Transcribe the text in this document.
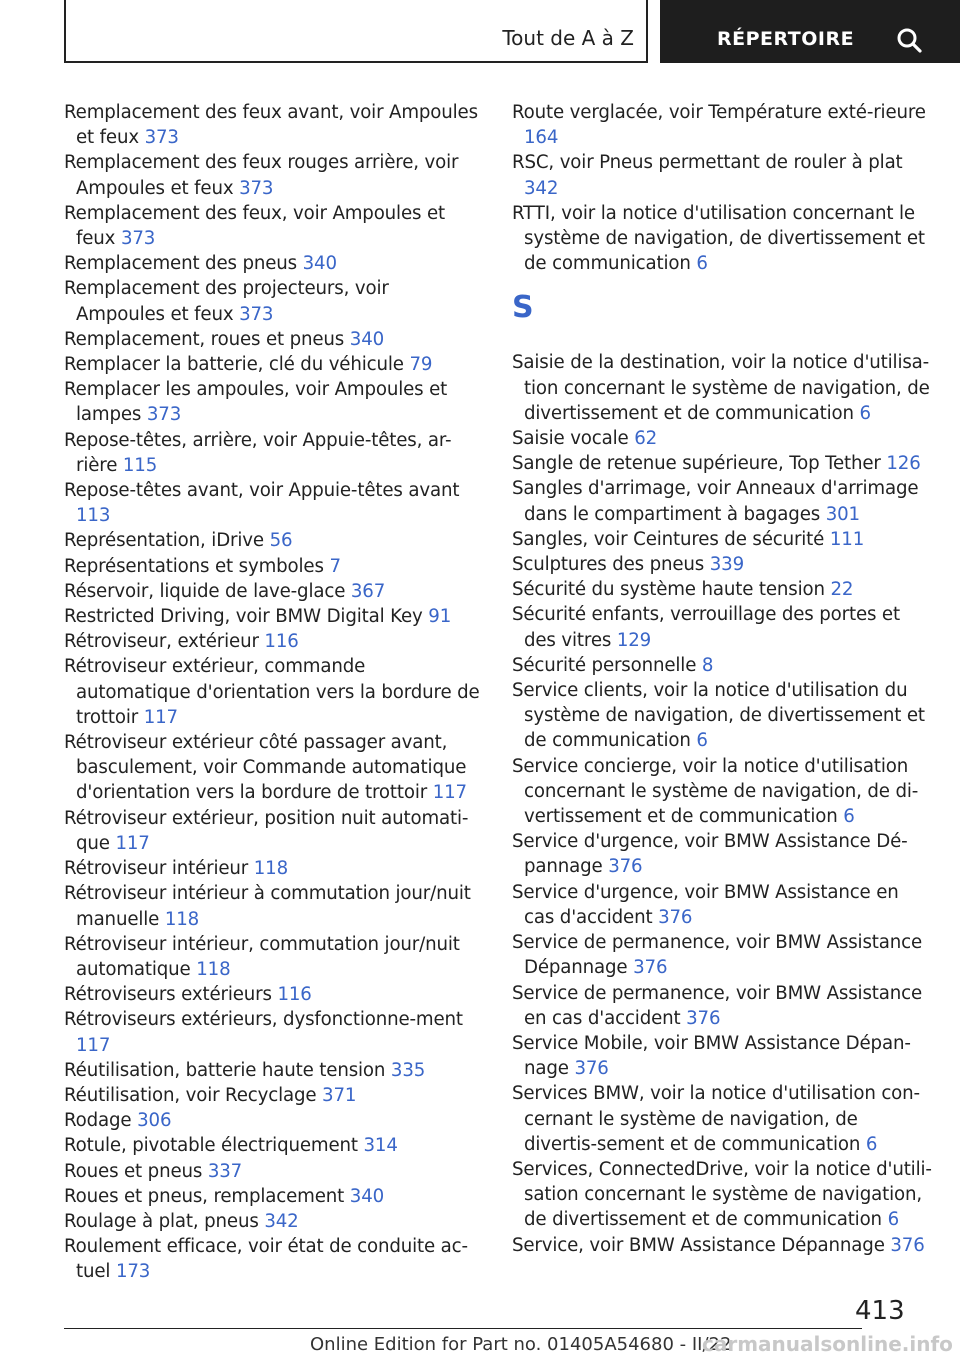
Tout de A à Z	RÉPERTOIRE

Remplacement des feux avant, voir Ampoules et feux 373

Remplacement des feux rouges arrière, voir Ampoules et feux 373

Remplacement des feux, voir Ampoules et feux 373

Remplacement des pneus 340

Remplacement des projecteurs, voir Ampoules et feux 373

Remplacement, roues et pneus 340

Remplacer la batterie, clé du véhicule 79

Remplacer les ampoules, voir Ampoules et lampes 373

Repose-têtes, arrière, voir Appuie-têtes, ar-rière 115

Repose-têtes avant, voir Appuie-têtes avant 113

Représentation, iDrive 56

Représentations et symboles 7

Réservoir, liquide de lave-glace 367

Restricted Driving, voir BMW Digital Key 91

Rétroviseur, extérieur 116

Rétroviseur extérieur, commande automatique d'orientation vers la bordure de trottoir 117

Rétroviseur extérieur côté passager avant, basculement, voir Commande automatique d'orientation vers la bordure de trottoir 117

Rétroviseur extérieur, position nuit automati-que 117

Rétroviseur intérieur 118

Rétroviseur intérieur à commutation jour/nuit manuelle 118

Rétroviseur intérieur, commutation jour/nuit automatique 118

Rétroviseurs extérieurs 116

Rétroviseurs extérieurs, dysfonctionne-ment 117

Réutilisation, batterie haute tension 335

Réutilisation, voir Recyclage 371

Rodage 306

Rotule, pivotable électriquement 314

Roues et pneus 337

Roues et pneus, remplacement 340

Roulage à plat, pneus 342

Roulement efficace, voir état de conduite ac-tuel 173

Route verglacée, voir Température exté-rieure 164

RSC, voir Pneus permettant de rouler à plat 342

RTTI, voir la notice d'utilisation concernant le système de navigation, de divertissement et de communication 6

S

Saisie de la destination, voir la notice d'utilisa-tion concernant le système de navigation, de divertissement et de communication 6

Saisie vocale 62

Sangle de retenue supérieure, Top Tether 126

Sangles d'arrimage, voir Anneaux d'arrimage dans le compartiment à bagages 301

Sangles, voir Ceintures de sécurité 111

Sculptures des pneus 339

Sécurité du système haute tension 22

Sécurité enfants, verrouillage des portes et des vitres 129

Sécurité personnelle 8

Service clients, voir la notice d'utilisation du système de navigation, de divertissement et de communication 6

Service concierge, voir la notice d'utilisation concernant le système de navigation, de di-vertissement et de communication 6

Service d'urgence, voir BMW Assistance Dé-pannage 376

Service d'urgence, voir BMW Assistance en cas d'accident 376

Service de permanence, voir BMW Assistance Dépannage 376

Service de permanence, voir BMW Assistance en cas d'accident 376

Service Mobile, voir BMW Assistance Dépan-nage 376

Services BMW, voir la notice d'utilisation con-cernant le système de navigation, de divertis-sement et de communication 6

Services, ConnectedDrive, voir la notice d'utili-sation concernant le système de navigation, de divertissement et de communication 6

Service, voir BMW Assistance Dépannage 376

413
Online Edition for Part no. 01405A54680 - II/22
carmanualsonline.info
